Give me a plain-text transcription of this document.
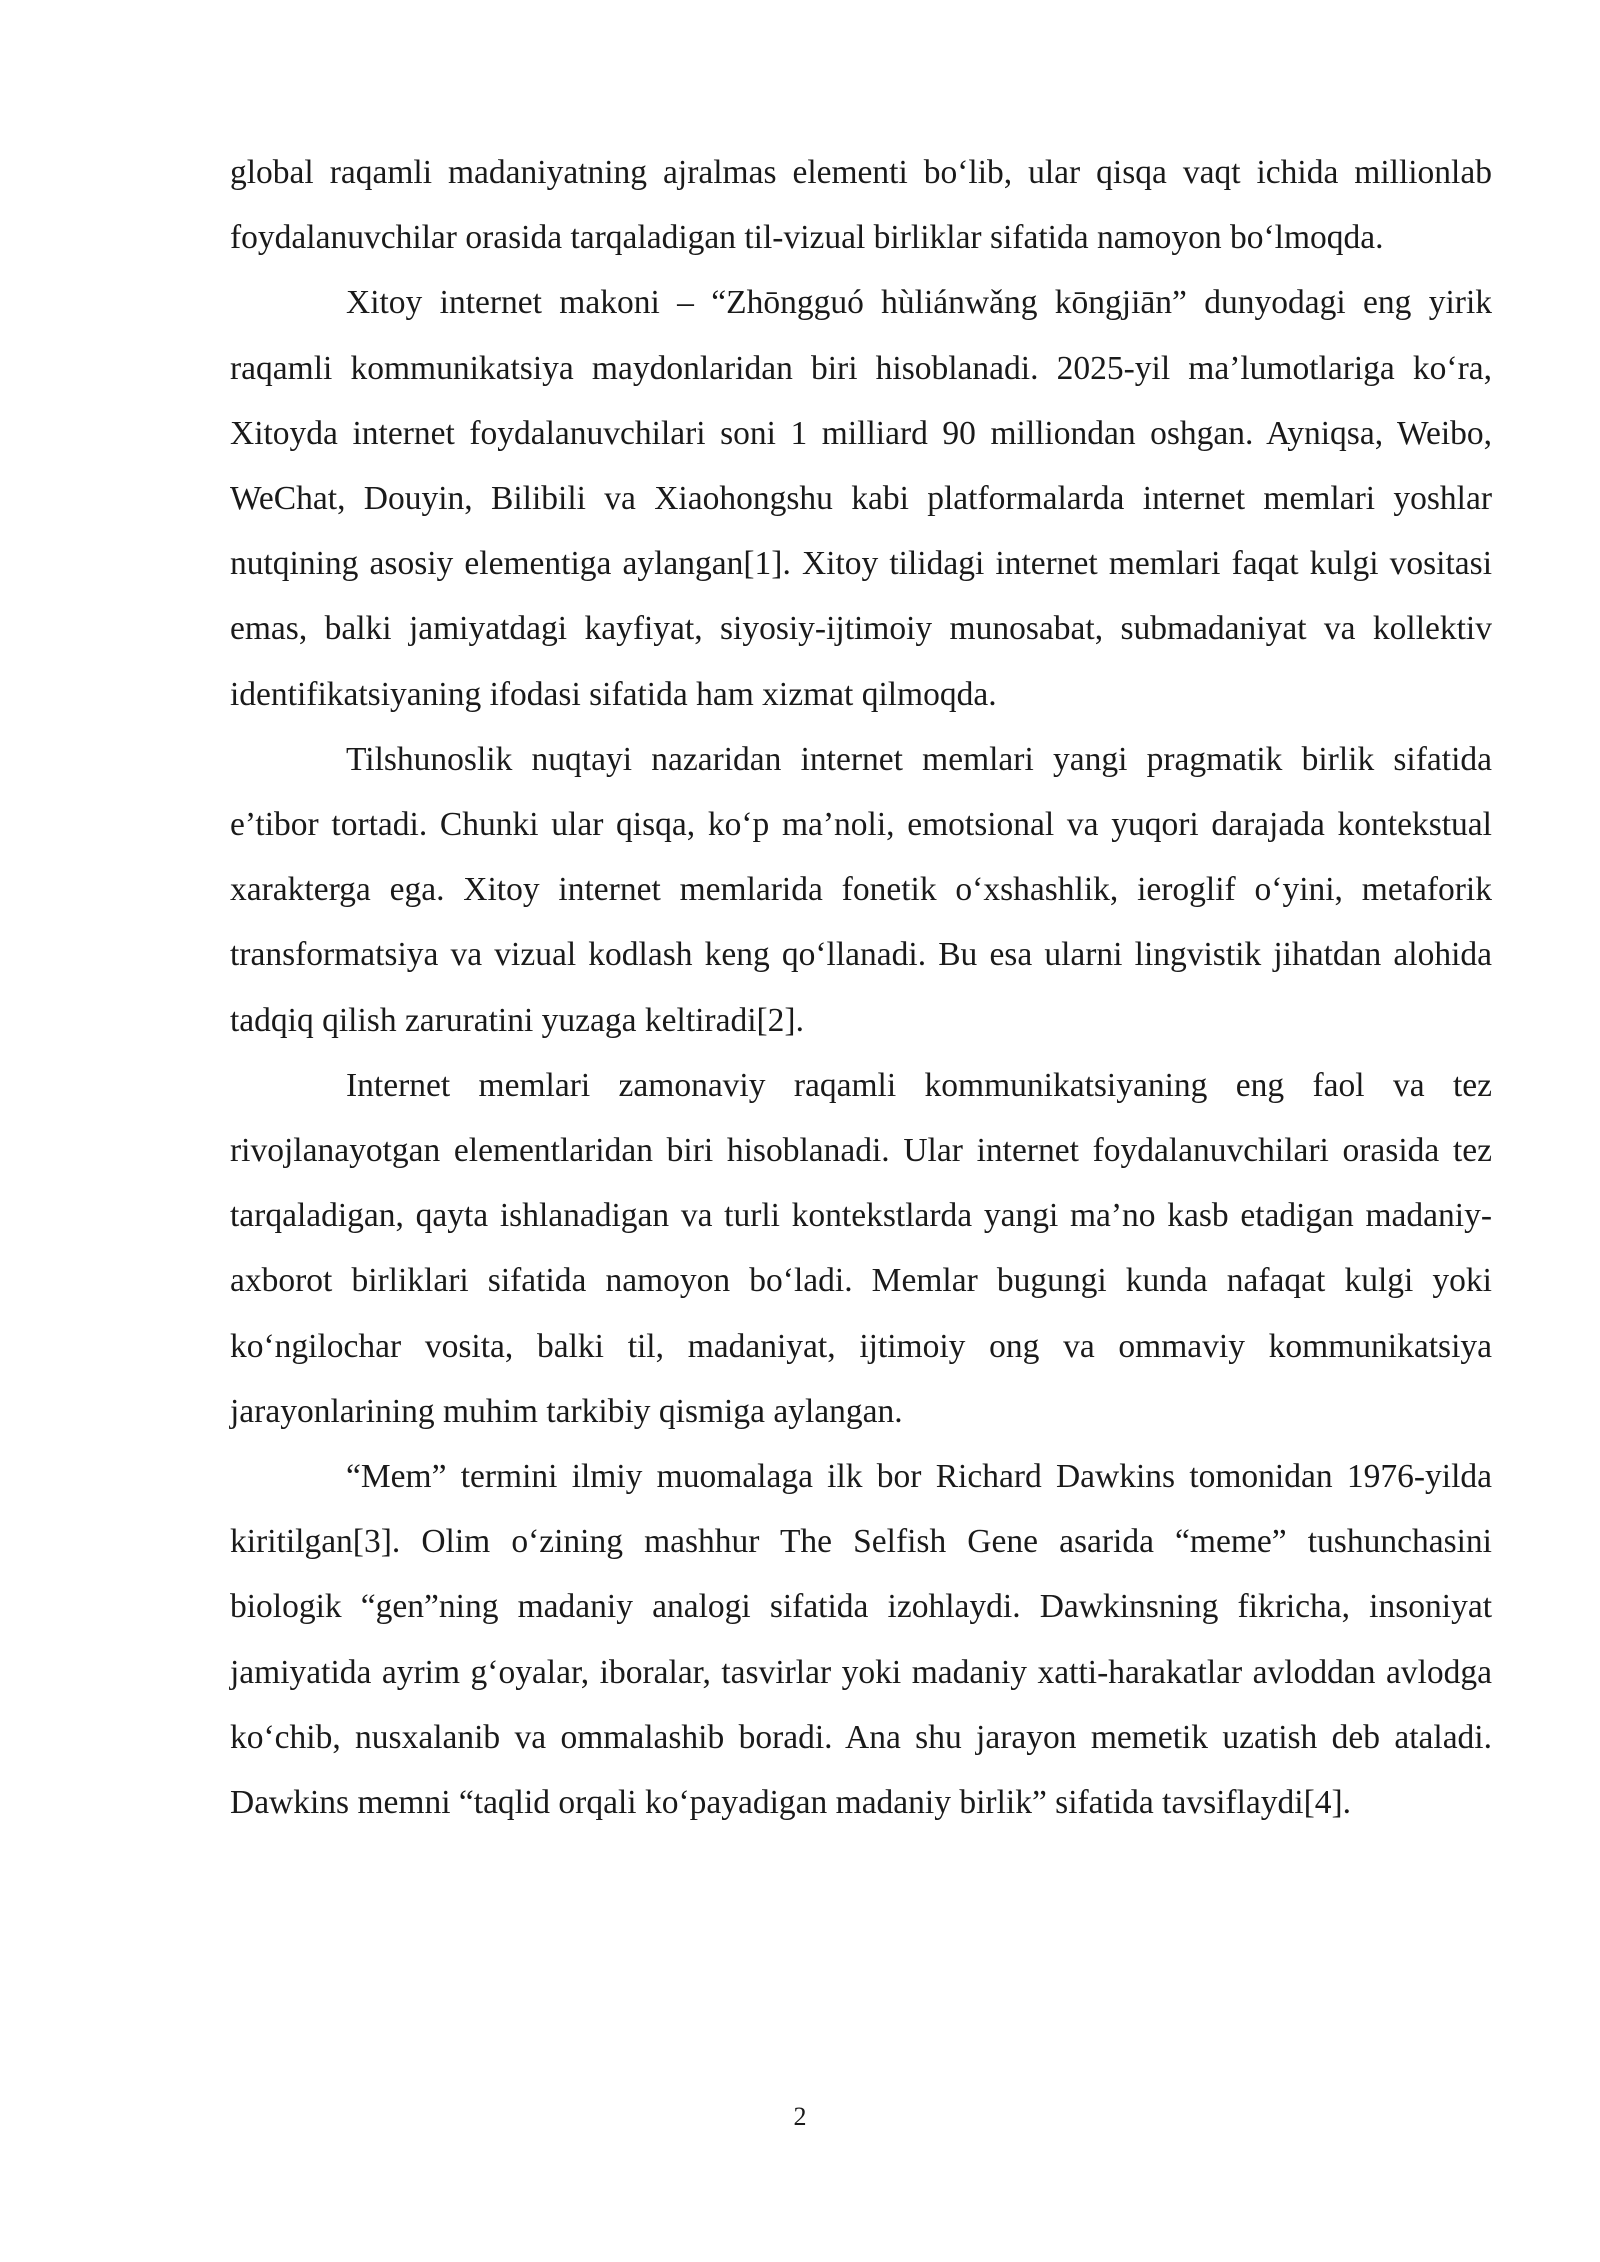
global raqamli madaniyatning ajralmas elementi bo‘lib, ular qisqa vaqt ichida millionlab foydalanuvchilar orasida tarqaladigan til-vizual birliklar sifatida namoyon bo‘lmoqda.

Xitoy internet makoni – “Zhōngguó hùliánwǎng kōngjiān” dunyodagi eng yirik raqamli kommunikatsiya maydonlaridan biri hisoblanadi. 2025-yil ma’lumotlariga ko‘ra, Xitoyda internet foydalanuvchilari soni 1 milliard 90 milliondan oshgan. Ayniqsa, Weibo, WeChat, Douyin, Bilibili va Xiaohongshu kabi platformalarda internet memlari yoshlar nutqining asosiy elementiga aylangan[1]. Xitoy tilidagi internet memlari faqat kulgi vositasi emas, balki jamiyatdagi kayfiyat, siyosiy-ijtimoiy munosabat, submadaniyat va kollektiv identifikatsiyaning ifodasi sifatida ham xizmat qilmoqda.

Tilshunoslik nuqtayi nazaridan internet memlari yangi pragmatik birlik sifatida e’tibor tortadi. Chunki ular qisqa, ko‘p ma’noli, emotsional va yuqori darajada kontekstual xarakterga ega. Xitoy internet memlarida fonetik o‘xshashlik, ieroglif o‘yini, metaforik transformatsiya va vizual kodlash keng qo‘llanadi. Bu esa ularni lingvistik jihatdan alohida tadqiq qilish zaruratini yuzaga keltiradi[2].

Internet memlari zamonaviy raqamli kommunikatsiyaning eng faol va tez rivojlanayotgan elementlaridan biri hisoblanadi. Ular internet foydalanuvchilari orasida tez tarqaladigan, qayta ishlanadigan va turli kontekstlarda yangi ma’no kasb etadigan madaniy-axborot birliklari sifatida namoyon bo‘ladi. Memlar bugungi kunda nafaqat kulgi yoki ko‘ngilochar vosita, balki til, madaniyat, ijtimoiy ong va ommaviy kommunikatsiya jarayonlarining muhim tarkibiy qismiga aylangan.

“Mem” termini ilmiy muomalaga ilk bor Richard Dawkins tomonidan 1976-yilda kiritilgan[3]. Olim o‘zining mashhur The Selfish Gene asarida “meme” tushunchasini biologik “gen”ning madaniy analogi sifatida izohlaydi. Dawkinsning fikricha, insoniyat jamiyatida ayrim g‘oyalar, iboralar, tasvirlar yoki madaniy xatti-harakatlar avloddan avlodga ko‘chib, nusxalanib va ommalashib boradi. Ana shu jarayon memetik uzatish deb ataladi. Dawkins memni “taqlid orqali ko‘payadigan madaniy birlik” sifatida tavsiflaydi[4].

2
